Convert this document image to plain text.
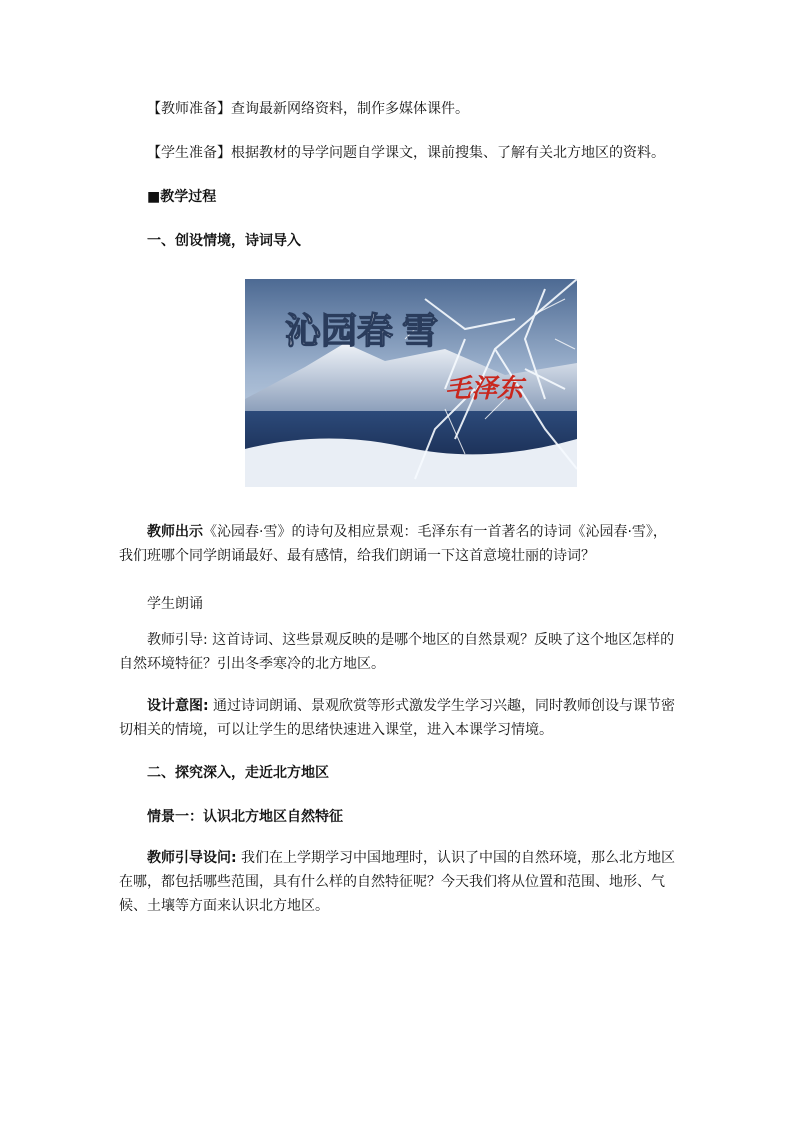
【教师准备】查询最新网络资料，制作多媒体课件。
【学生准备】根据教材的导学问题自学课文，课前搜集、了解有关北方地区的资料。
■教学过程
一、创设情境，诗词导入
沁园春 雪
毛泽东
教师出示《沁园春·雪》的诗句及相应景观：毛泽东有一首著名的诗词《沁园春·雪》，我们班哪个同学朗诵最好、最有感情，给我们朗诵一下这首意境壮丽的诗词？
学生朗诵
教师引导: 这首诗词、这些景观反映的是哪个地区的自然景观？反映了这个地区怎样的自然环境特征？引出冬季寒冷的北方地区。
设计意图: 通过诗词朗诵、景观欣赏等形式激发学生学习兴趣，同时教师创设与课节密切相关的情境，可以让学生的思绪快速进入课堂，进入本课学习情境。
二、探究深入，走近北方地区
情景一：认识北方地区自然特征
教师引导设问: 我们在上学期学习中国地理时，认识了中国的自然环境，那么北方地区在哪，都包括哪些范围，具有什么样的自然特征呢？今天我们将从位置和范围、地形、气候、土壤等方面来认识北方地区。
